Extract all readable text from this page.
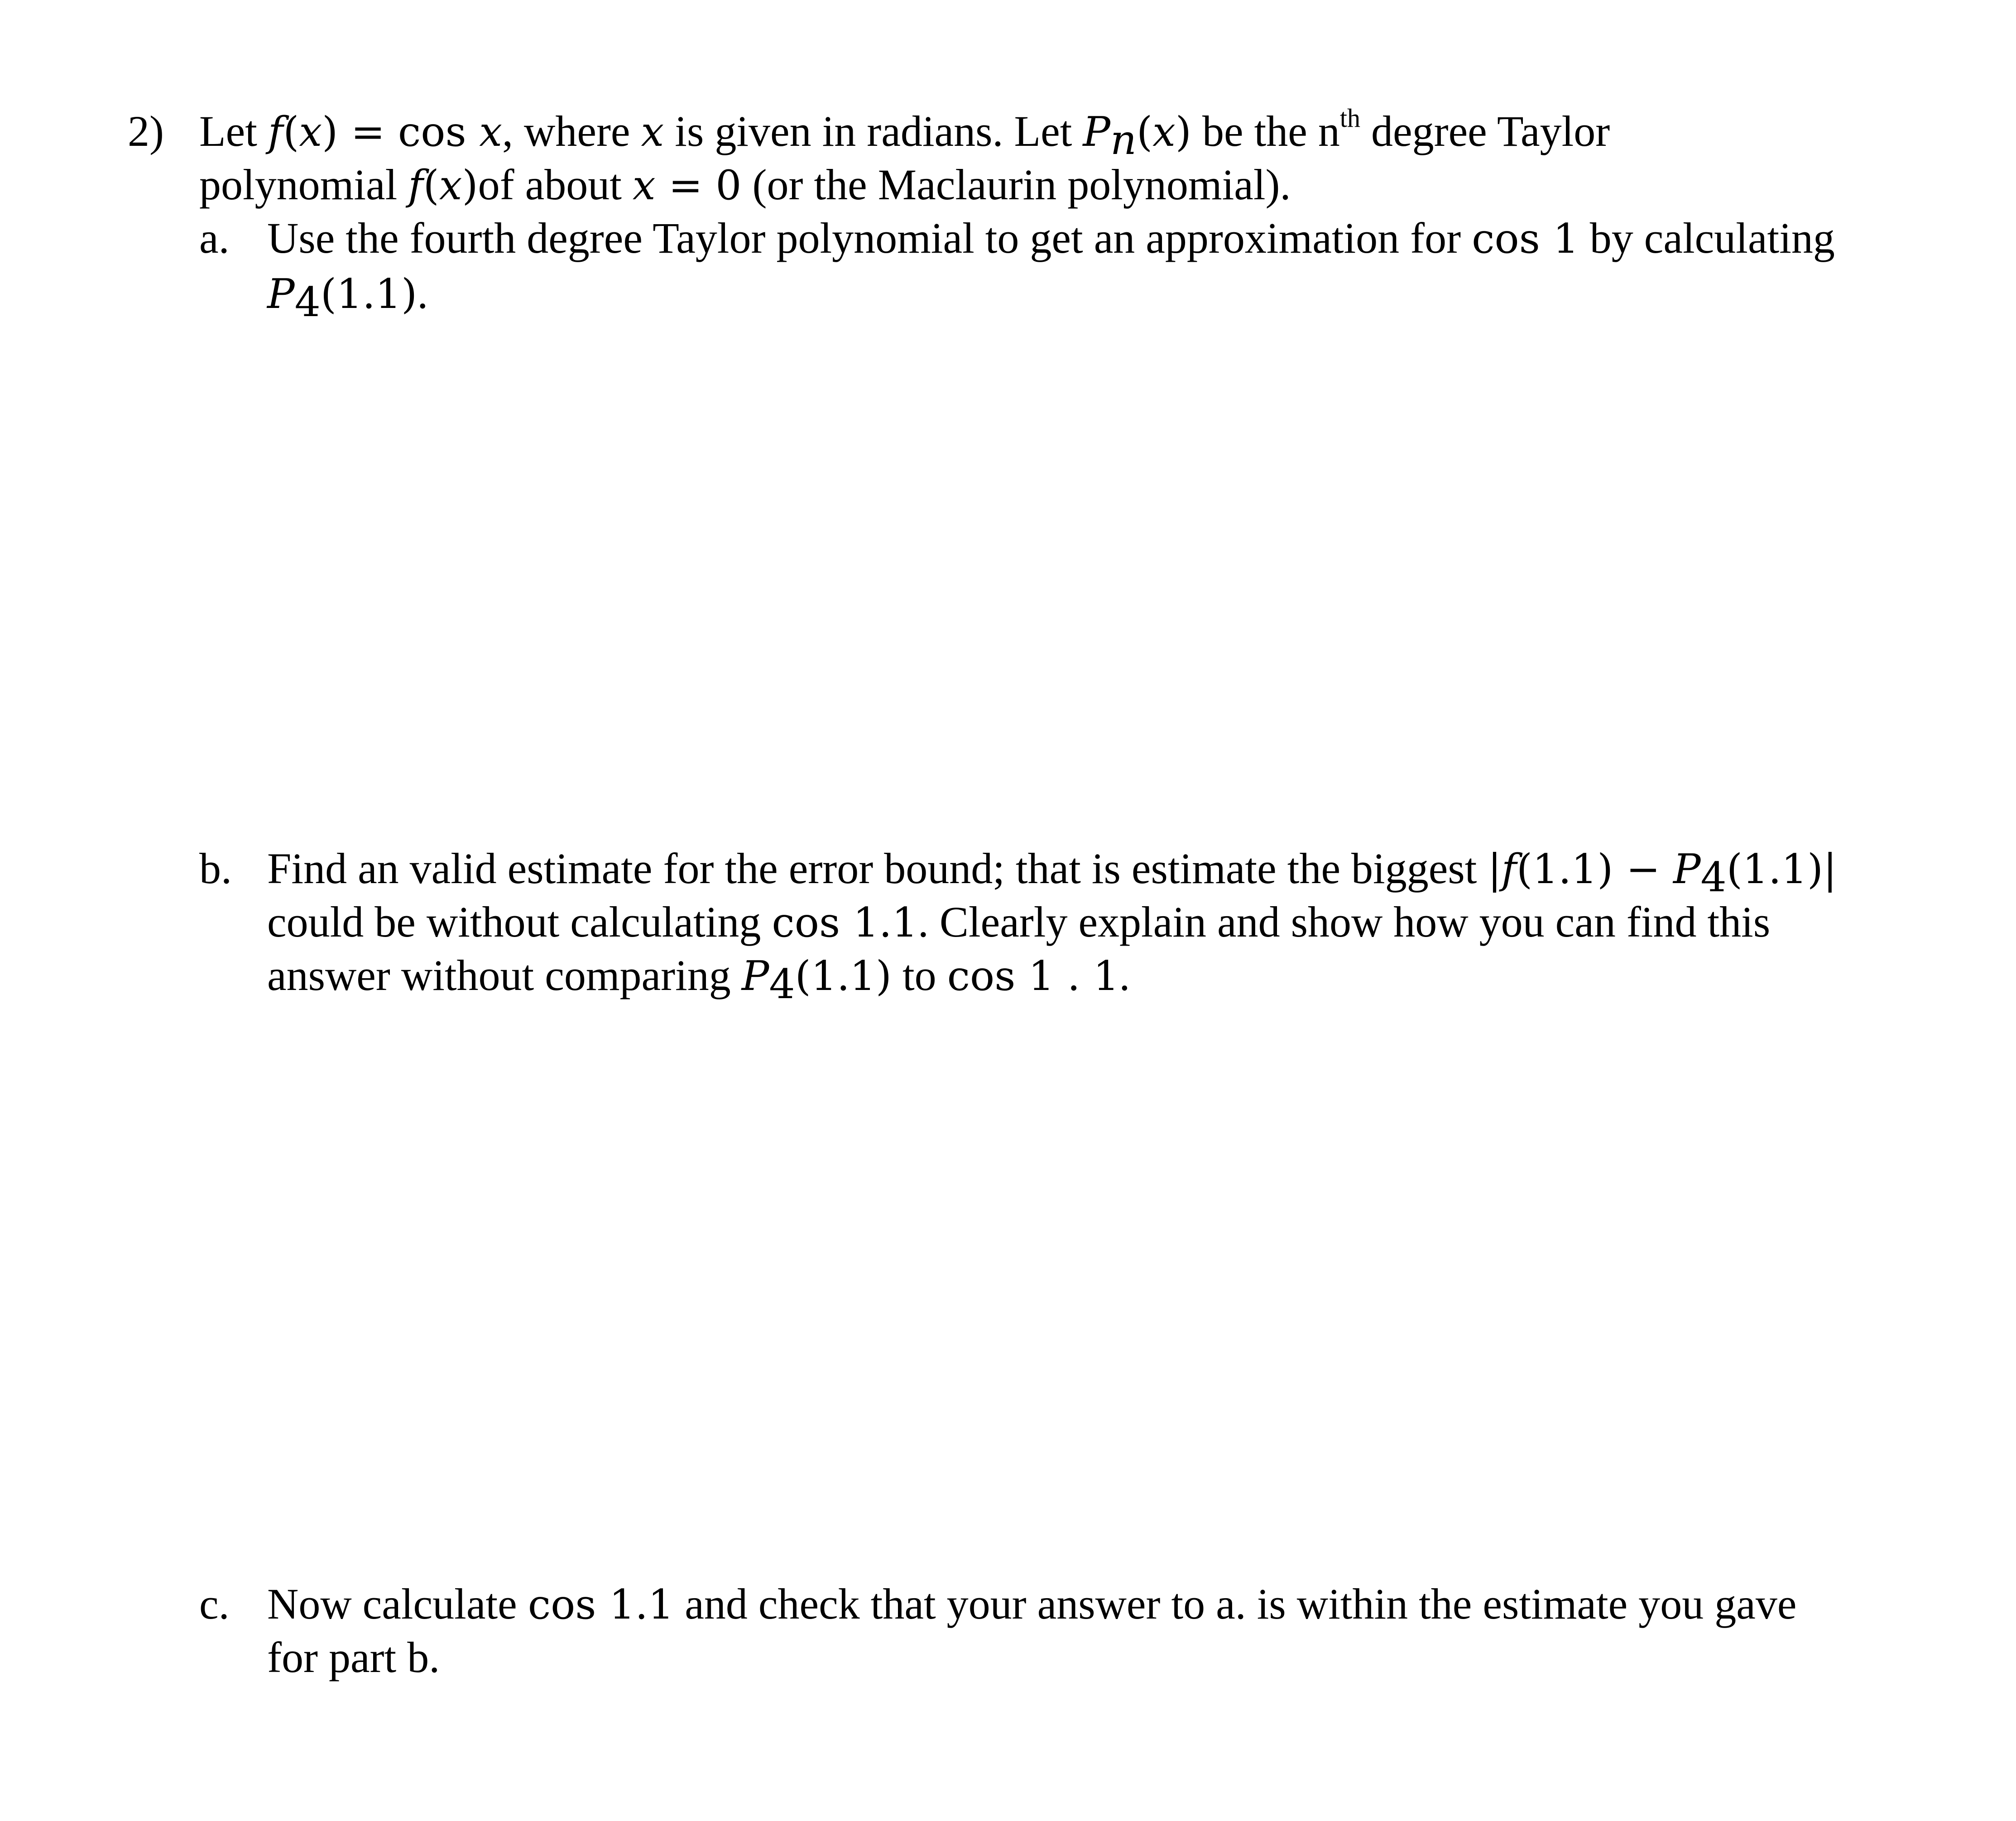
2) Let f(x) = cos x, where x is given in radians. Let $P_n(x)$ be the $n^{th}$ degree Taylor
polynomial f(x)of about x = 0 (or the Maclaurin polynomial).
a. Use the fourth degree Taylor polynomial to get an approximation for cos 1 by calculating
$P_4(1.1)$.
b. Find an valid estimate for the error bound; that is estimate the biggest $|f(1.1) - P_4(1.1)|$
could be without calculating cos 1.1. Clearly explain and show how you can find this
answer without comparing $P_4(1.1)$ to cos 1 . 1.
c. Now calculate cos 1.1 and check that your answer to a. is within the estimate you gave
for part b.
